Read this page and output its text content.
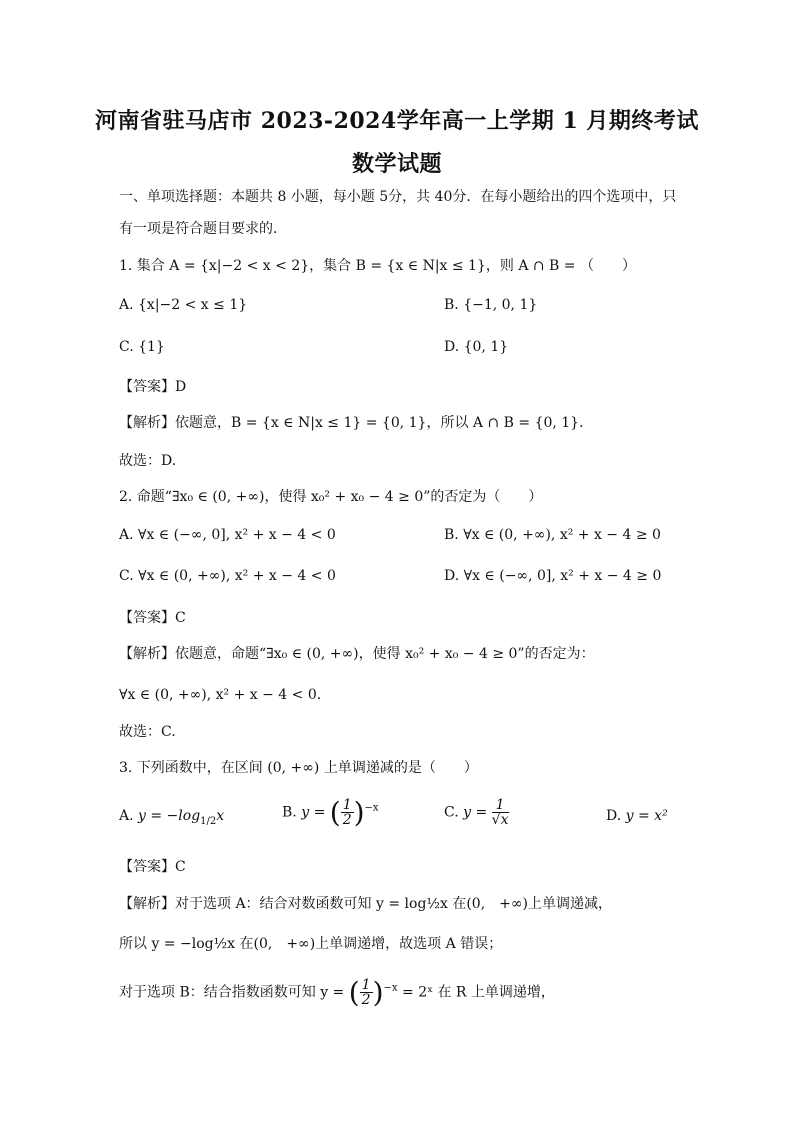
河南省驻马店市 2023-2024学年高一上学期 1 月期终考试
数学试题
一、单项选择题：本题共 8 小题，每小题 5分，共 40分．在每小题给出的四个选项中，只
有一项是符合题目要求的．
1. 集合 A = {x|−2 < x < 2}，集合 B = {x ∈ N|x ≤ 1}，则 A ∩ B = （　　）
A. {x|−2 < x ≤ 1}	B. {−1, 0, 1}
C. {1}	D. {0, 1}
【答案】D
【解析】依题意，B = {x ∈ N|x ≤ 1} = {0, 1}，所以 A ∩ B = {0, 1}．
故选：D.
2. 命题“∃x₀ ∈ (0, +∞)，使得 x₀² + x₀ − 4 ≥ 0”的否定为（　　）
A. ∀x ∈ (−∞, 0], x² + x − 4 < 0	B. ∀x ∈ (0, +∞), x² + x − 4 ≥ 0
C. ∀x ∈ (0, +∞), x² + x − 4 < 0	D. ∀x ∈ (−∞, 0], x² + x − 4 ≥ 0
【答案】C
【解析】依题意，命题“∃x₀ ∈ (0, +∞)，使得 x₀² + x₀ − 4 ≥ 0”的否定为：
∀x ∈ (0, +∞), x² + x − 4 < 0．
故选：C.
3. 下列函数中，在区间 (0, +∞) 上单调递减的是（　　）
A. $y = -\log_{1/2}x$	B. y = ( $\frac{1}{2} )^{-x}$	C. $y = \frac{1}{√x}$	D. y = x²
【答案】C
【解析】对于选项 A：结合对数函数可知 y = log½x 在(0,　+∞)上单调递减，
所以 y = −log½x 在(0,　+∞)上单调递增，故选项 A 错误；
对于选项 B：结合指数函数可知 y = ( $\frac{1}{2} )^{-x}$ = 2ˣ 在 R 上单调递增，
